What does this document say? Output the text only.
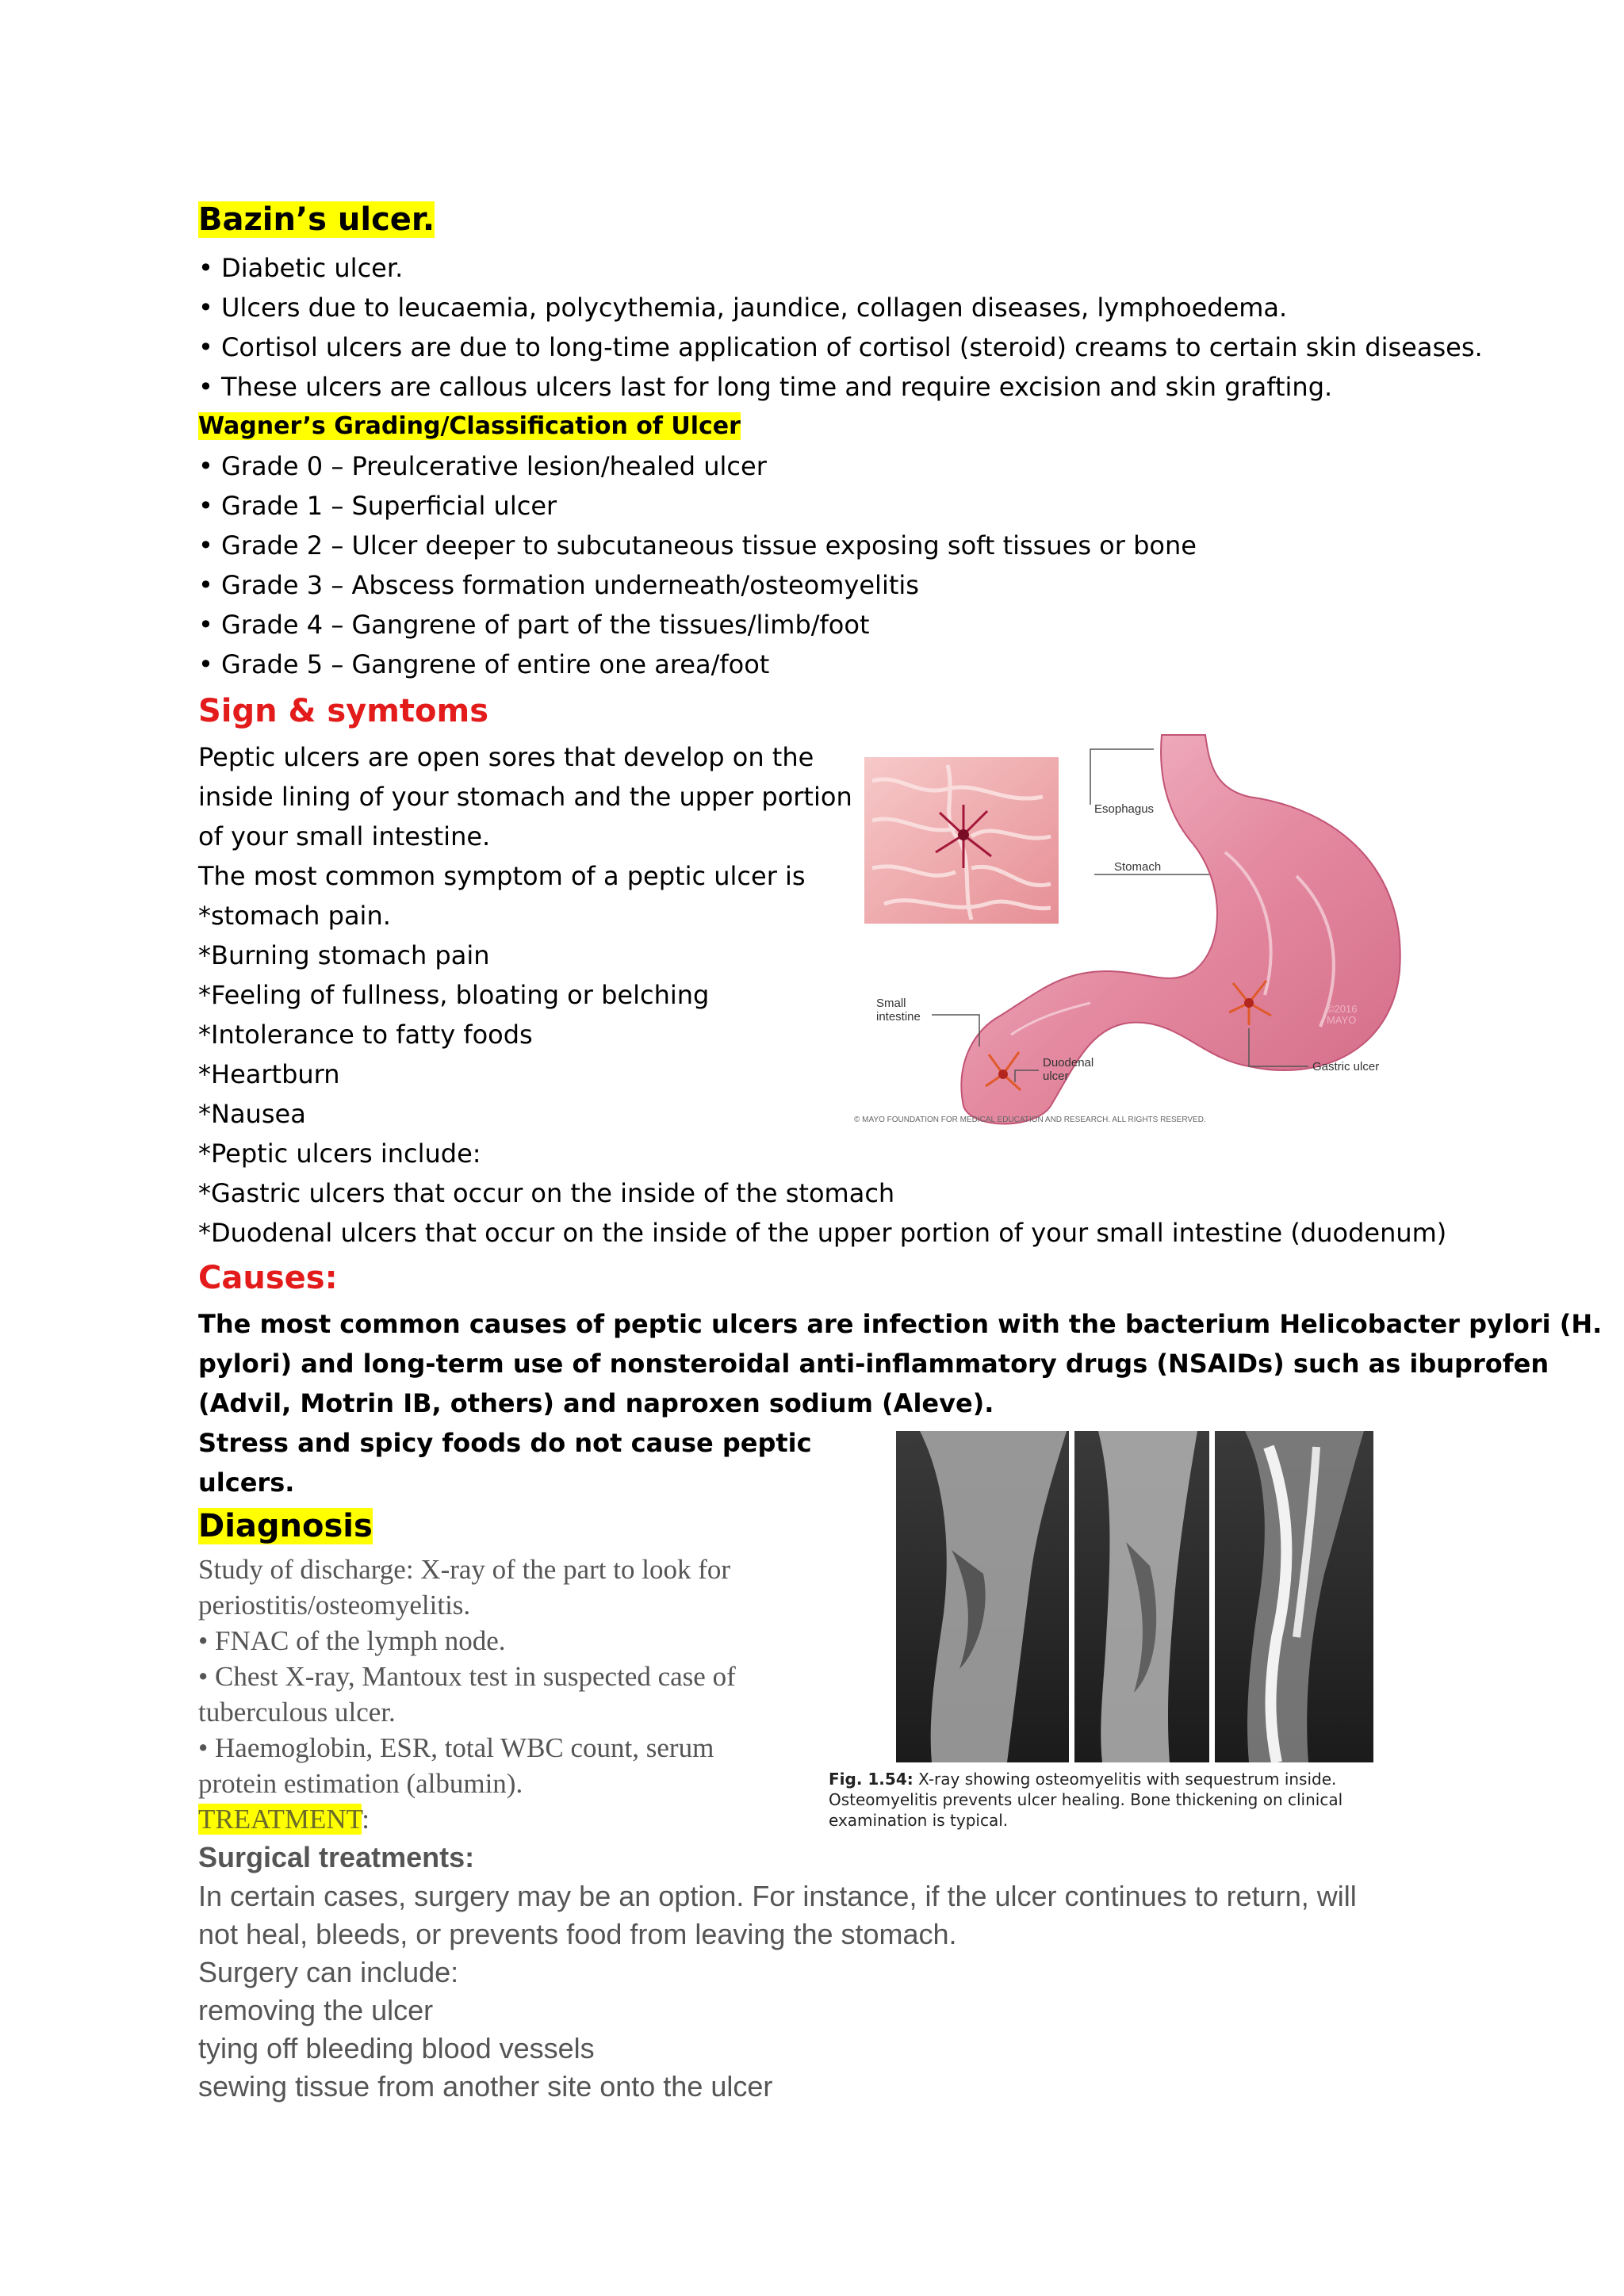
Bazin’s ulcer.
• Diabetic ulcer.
• Ulcers due to leucaemia, polycythemia, jaundice, collagen diseases, lymphoedema.
• Cortisol ulcers are due to long-time application of cortisol (steroid) creams to certain skin diseases.
• These ulcers are callous ulcers last for long time and require excision and skin grafting.
Wagner’s Grading/Classification of Ulcer
• Grade 0 – Preulcerative lesion/healed ulcer
• Grade 1 – Superficial ulcer
• Grade 2 – Ulcer deeper to subcutaneous tissue exposing soft tissues or bone
• Grade 3 – Abscess formation underneath/osteomyelitis
• Grade 4 – Gangrene of part of the tissues/limb/foot
• Grade 5 – Gangrene of entire one area/foot
Sign & symtoms
Peptic ulcers are open sores that develop on the
inside lining of your stomach and the upper portion
of your small intestine.
The most common symptom of a peptic ulcer is
*stomach pain.
*Burning stomach pain
*Feeling of fullness, bloating or belching
*Intolerance to fatty foods
*Heartburn
*Nausea
*Peptic ulcers include:
*Gastric ulcers that occur on the inside of the stomach
*Duodenal ulcers that occur on the inside of the upper portion of your small intestine (duodenum)
Esophagus
Stomach
Small
intestine
Duodenal
ulcer
Gastric ulcer
©2016
MAYO
© MAYO FOUNDATION FOR MEDICAL EDUCATION AND RESEARCH. ALL RIGHTS RESERVED.
Causes:
The most common causes of peptic ulcers are infection with the bacterium Helicobacter pylori (H.
pylori) and long-term use of nonsteroidal anti-inflammatory drugs (NSAIDs) such as ibuprofen
(Advil, Motrin IB, others) and naproxen sodium (Aleve).
Stress and spicy foods do not cause peptic
ulcers.
Fig. 1.54: X-ray showing osteomyelitis with sequestrum inside.
Osteomyelitis prevents ulcer healing. Bone thickening on clinical
examination is typical.
Diagnosis
Study of discharge: X-ray of the part to look for
periostitis/osteomyelitis.
• FNAC of the lymph node.
• Chest X-ray, Mantoux test in suspected case of
tuberculous ulcer.
• Haemoglobin, ESR, total WBC count, serum
protein estimation (albumin).
TREATMENT:
Surgical treatments:
In certain cases, surgery may be an option. For instance, if the ulcer continues to return, will
not heal, bleeds, or prevents food from leaving the stomach.
Surgery can include:
removing the ulcer
tying off bleeding blood vessels
sewing tissue from another site onto the ulcer
